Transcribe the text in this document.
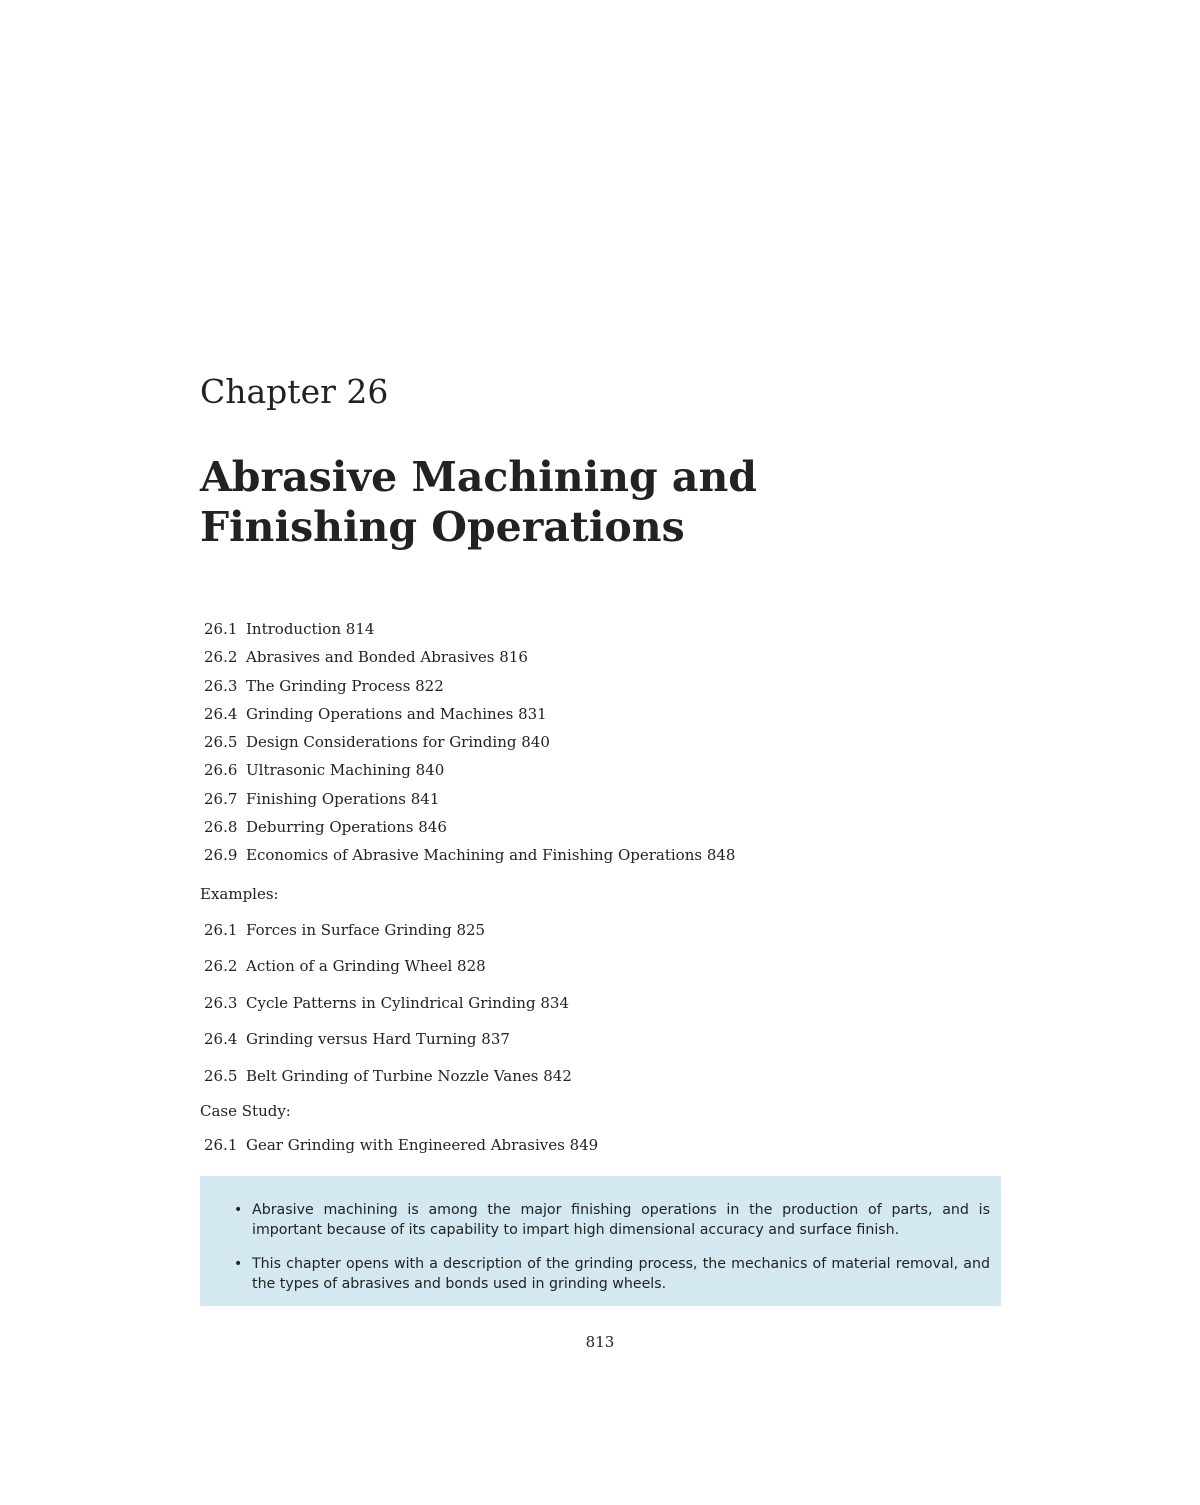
Chapter 26
Abrasive Machining and Finishing Operations
26.1 Introduction 814
26.2 Abrasives and Bonded Abrasives 816
26.3 The Grinding Process 822
26.4 Grinding Operations and Machines 831
26.5 Design Considerations for Grinding 840
26.6 Ultrasonic Machining 840
26.7 Finishing Operations 841
26.8 Deburring Operations 846
26.9 Economics of Abrasive Machining and Finishing Operations 848
Examples:
26.1 Forces in Surface Grinding 825
26.2 Action of a Grinding Wheel 828
26.3 Cycle Patterns in Cylindrical Grinding 834
26.4 Grinding versus Hard Turning 837
26.5 Belt Grinding of Turbine Nozzle Vanes 842
Case Study:
26.1 Gear Grinding with Engineered Abrasives 849
• Abrasive machining is among the major finishing operations in the production of parts, and is important because of its capability to impart high dimensional accuracy and surface finish.
• This chapter opens with a description of the grinding process, the mechanics of material removal, and the types of abrasives and bonds used in grinding wheels.
813
